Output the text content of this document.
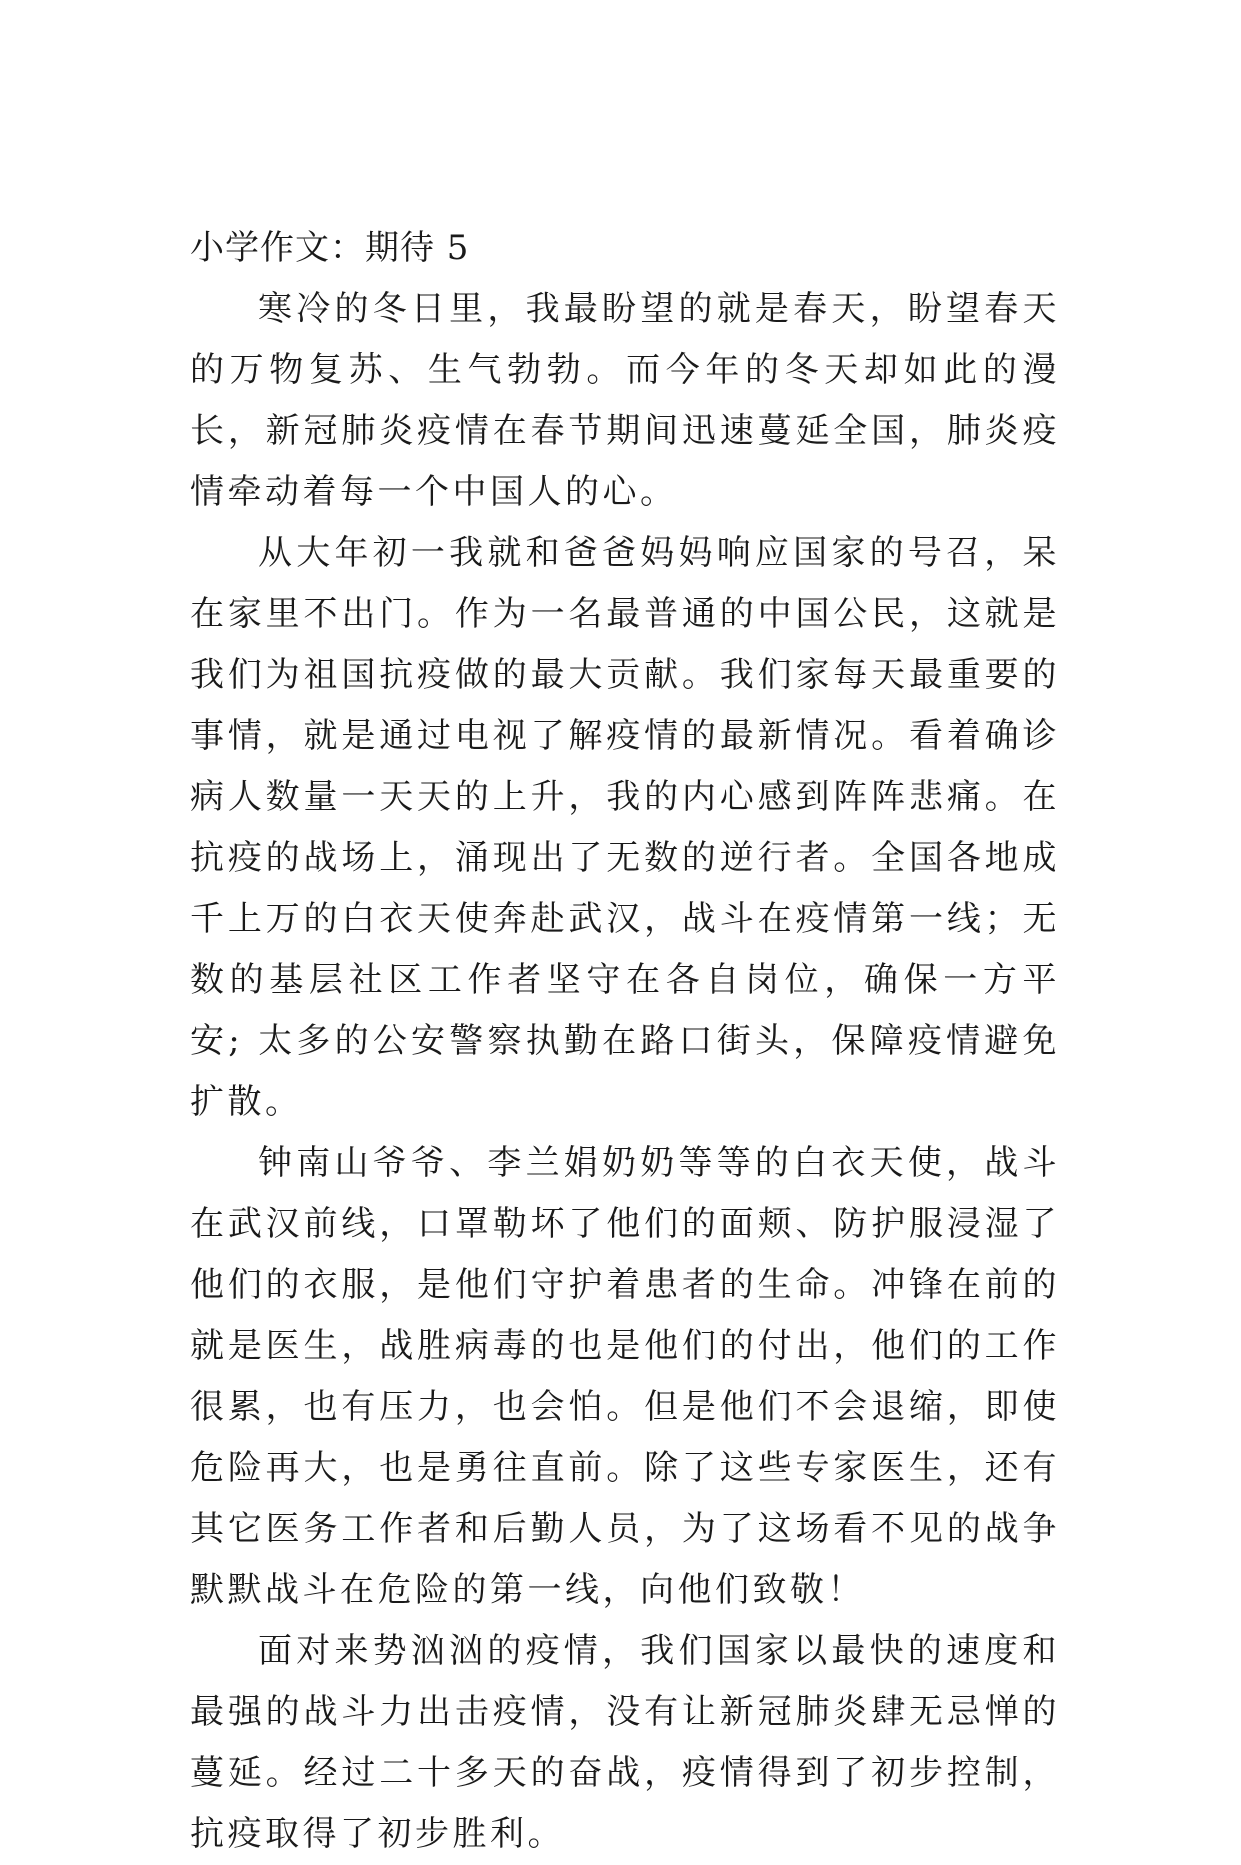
小学作文：期待 5

寒冷的冬日里，我最盼望的就是春天，盼望春天的万物复苏、生气勃勃。而今年的冬天却如此的漫长，新冠肺炎疫情在春节期间迅速蔓延全国，肺炎疫情牵动着每一个中国人的心。

从大年初一我就和爸爸妈妈响应国家的号召，呆在家里不出门。作为一名最普通的中国公民，这就是我们为祖国抗疫做的最大贡献。我们家每天最重要的事情，就是通过电视了解疫情的最新情况。看着确诊病人数量一天天的上升，我的内心感到阵阵悲痛。在抗疫的战场上，涌现出了无数的逆行者。全国各地成千上万的白衣天使奔赴武汉，战斗在疫情第一线；无数的基层社区工作者坚守在各自岗位，确保一方平安; 太多的公安警察执勤在路口街头，保障疫情避免扩散。

钟南山爷爷、李兰娟奶奶等等的白衣天使，战斗在武汉前线，口罩勒坏了他们的面颊、防护服浸湿了他们的衣服，是他们守护着患者的生命。冲锋在前的就是医生，战胜病毒的也是他们的付出，他们的工作很累，也有压力，也会怕。但是他们不会退缩，即使危险再大，也是勇往直前。除了这些专家医生，还有其它医务工作者和后勤人员，为了这场看不见的战争默默战斗在危险的第一线，向他们致敬！

面对来势汹汹的疫情，我们国家以最快的速度和最强的战斗力出击疫情，没有让新冠肺炎肆无忌惮的蔓延。经过二十多天的奋战，疫情得到了初步控制，抗疫取得了初步胜利。
